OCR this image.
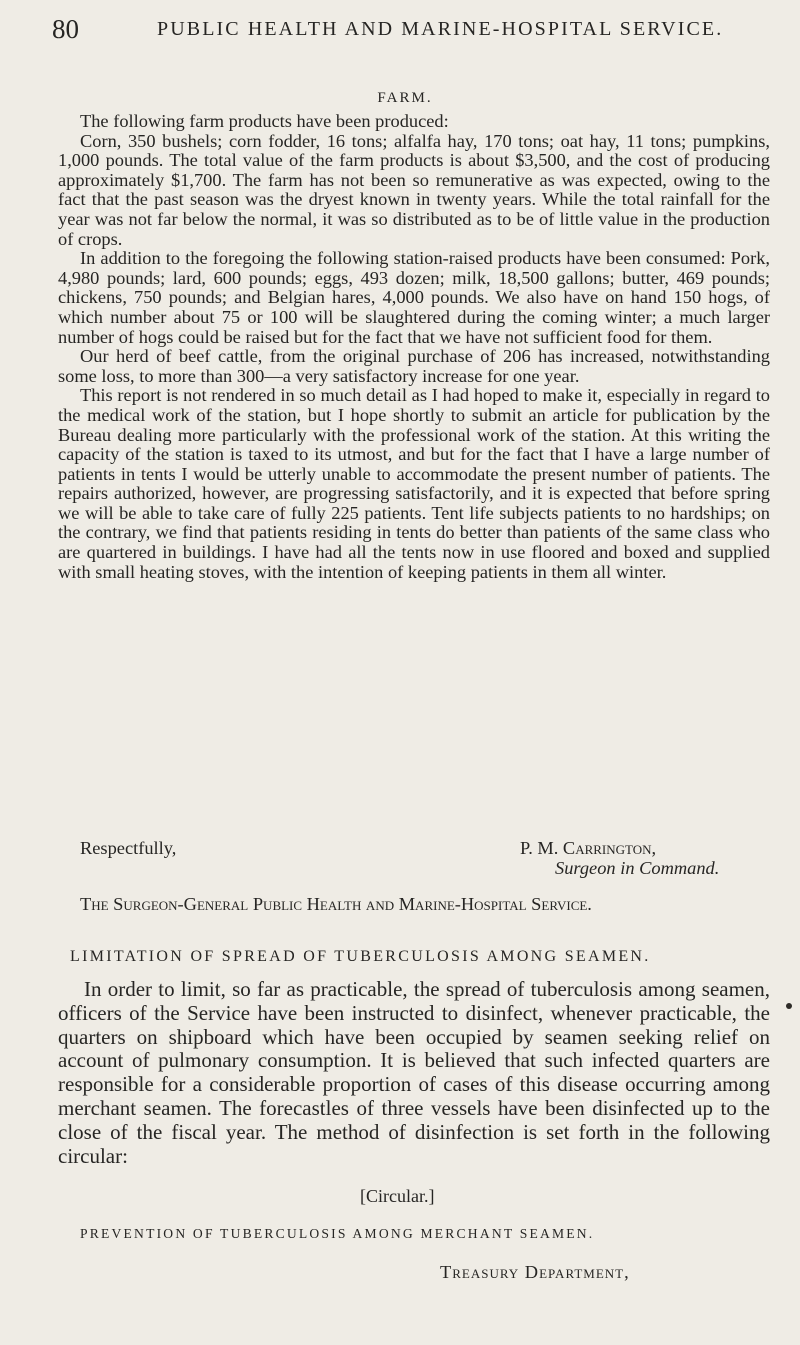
80	PUBLIC HEALTH AND MARINE-HOSPITAL SERVICE.
FARM.

The following farm products have been produced:

Corn, 350 bushels; corn fodder, 16 tons; alfalfa hay, 170 tons; oat hay, 11 tons; pumpkins, 1,000 pounds. The total value of the farm products is about $3,500, and the cost of producing approximately $1,700. The farm has not been so remunerative as was expected, owing to the fact that the past season was the dryest known in twenty years. While the total rainfall for the year was not far below the normal, it was so distributed as to be of little value in the production of crops.

In addition to the foregoing the following station-raised products have been consumed: Pork, 4,980 pounds; lard, 600 pounds; eggs, 493 dozen; milk, 18,500 gallons; butter, 469 pounds; chickens, 750 pounds; and Belgian hares, 4,000 pounds. We also have on hand 150 hogs, of which number about 75 or 100 will be slaughtered during the coming winter; a much larger number of hogs could be raised but for the fact that we have not sufficient food for them.

Our herd of beef cattle, from the original purchase of 206 has increased, notwithstanding some loss, to more than 300—a very satisfactory increase for one year.

This report is not rendered in so much detail as I had hoped to make it, especially in regard to the medical work of the station, but I hope shortly to submit an article for publication by the Bureau dealing more particularly with the professional work of the station. At this writing the capacity of the station is taxed to its utmost, and but for the fact that I have a large number of patients in tents I would be utterly unable to accommodate the present number of patients. The repairs authorized, however, are progressing satisfactorily, and it is expected that before spring we will be able to take care of fully 225 patients. Tent life subjects patients to no hardships; on the contrary, we find that patients residing in tents do better than patients of the same class who are quartered in buildings. I have had all the tents now in use floored and boxed and supplied with small heating stoves, with the intention of keeping patients in them all winter.

Respectfully,	P. M. Carrington,
Surgeon in Command.
The Surgeon-General Public Health and Marine-Hospital Service.
LIMITATION OF SPREAD OF TUBERCULOSIS AMONG SEAMEN.

In order to limit, so far as practicable, the spread of tuberculosis among seamen, officers of the Service have been instructed to disinfect, whenever practicable, the quarters on shipboard which have been occupied by seamen seeking relief on account of pulmonary consumption. It is believed that such infected quarters are responsible for a considerable proportion of cases of this disease occurring among merchant seamen. The forecastles of three vessels have been disinfected up to the close of the fiscal year. The method of disinfection is set forth in the following circular:

[Circular.]
PREVENTION OF TUBERCULOSIS AMONG MERCHANT SEAMEN.
Treasury Department,
